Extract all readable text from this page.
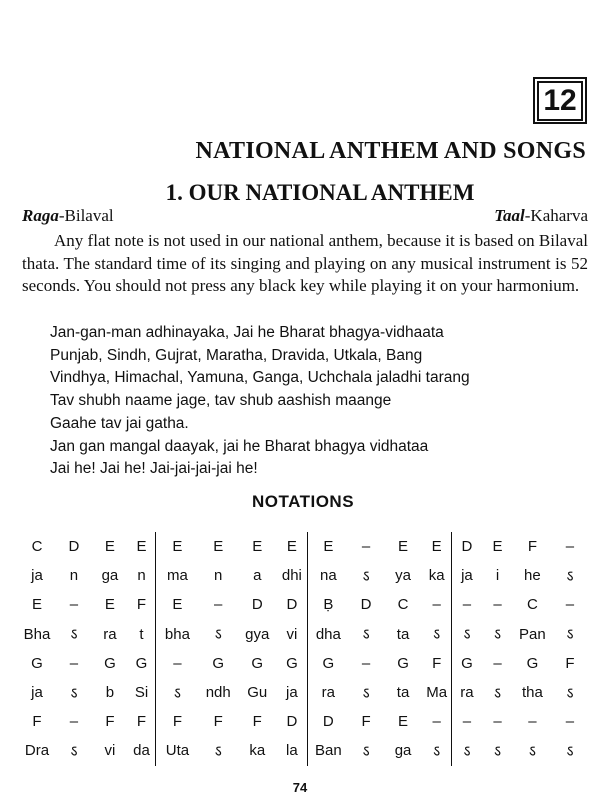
12
NATIONAL ANTHEM AND SONGS
1. OUR NATIONAL ANTHEM
Raga-Bilaval	Taal-Kaharva

Any flat note is not used in our national anthem, because it is based on Bilaval thata. The standard time of its singing and playing on any musical instrument is 52 seconds. You should not press any black key while playing it on your harmonium.

Jan-gan-man adhinayaka, Jai he Bharat bhagya-vidhaata
Punjab, Sindh, Gujrat, Maratha, Dravida, Utkala, Bang
Vindhya, Himachal, Yamuna, Ganga, Uchchala jaladhi tarang
Tav shubh naame jage, tav shub aashish maange
Gaahe tav jai gatha.
Jan gan mangal daayak, jai he Bharat bhagya vidhataa
Jai he! Jai he! Jai-jai-jai-jai he!
NOTATIONS
C	D	E	E	E	E	E	E	E	–	E	E	D	E	F	–
ja	n	ga	n	ma	n	a	dhi	na	ऽ	ya	ka	ja	i	he	ऽ
E	–	E	F	E	–	D	D	Ḅ	D	C	–	–	–	C	–
Bha	ऽ	ra	t	bha	ऽ	gya	vi	dha	ऽ	ta	ऽ	ऽ	ऽ	Pan	ऽ
G	–	G	G	–	G	G	G	G	–	G	F	G	–	G	F
ja	ऽ	b	Si	ऽ	ndh	Gu	ja	ra	ऽ	ta	Ma	ra	ऽ	tha	ऽ
F	–	F	F	F	F	F	D	D	F	E	–	–	–	–	–
Dra	ऽ	vi	da	Uta	ऽ	ka	la	Ban	ऽ	ga	ऽ	ऽ	ऽ	ऽ	ऽ
74
